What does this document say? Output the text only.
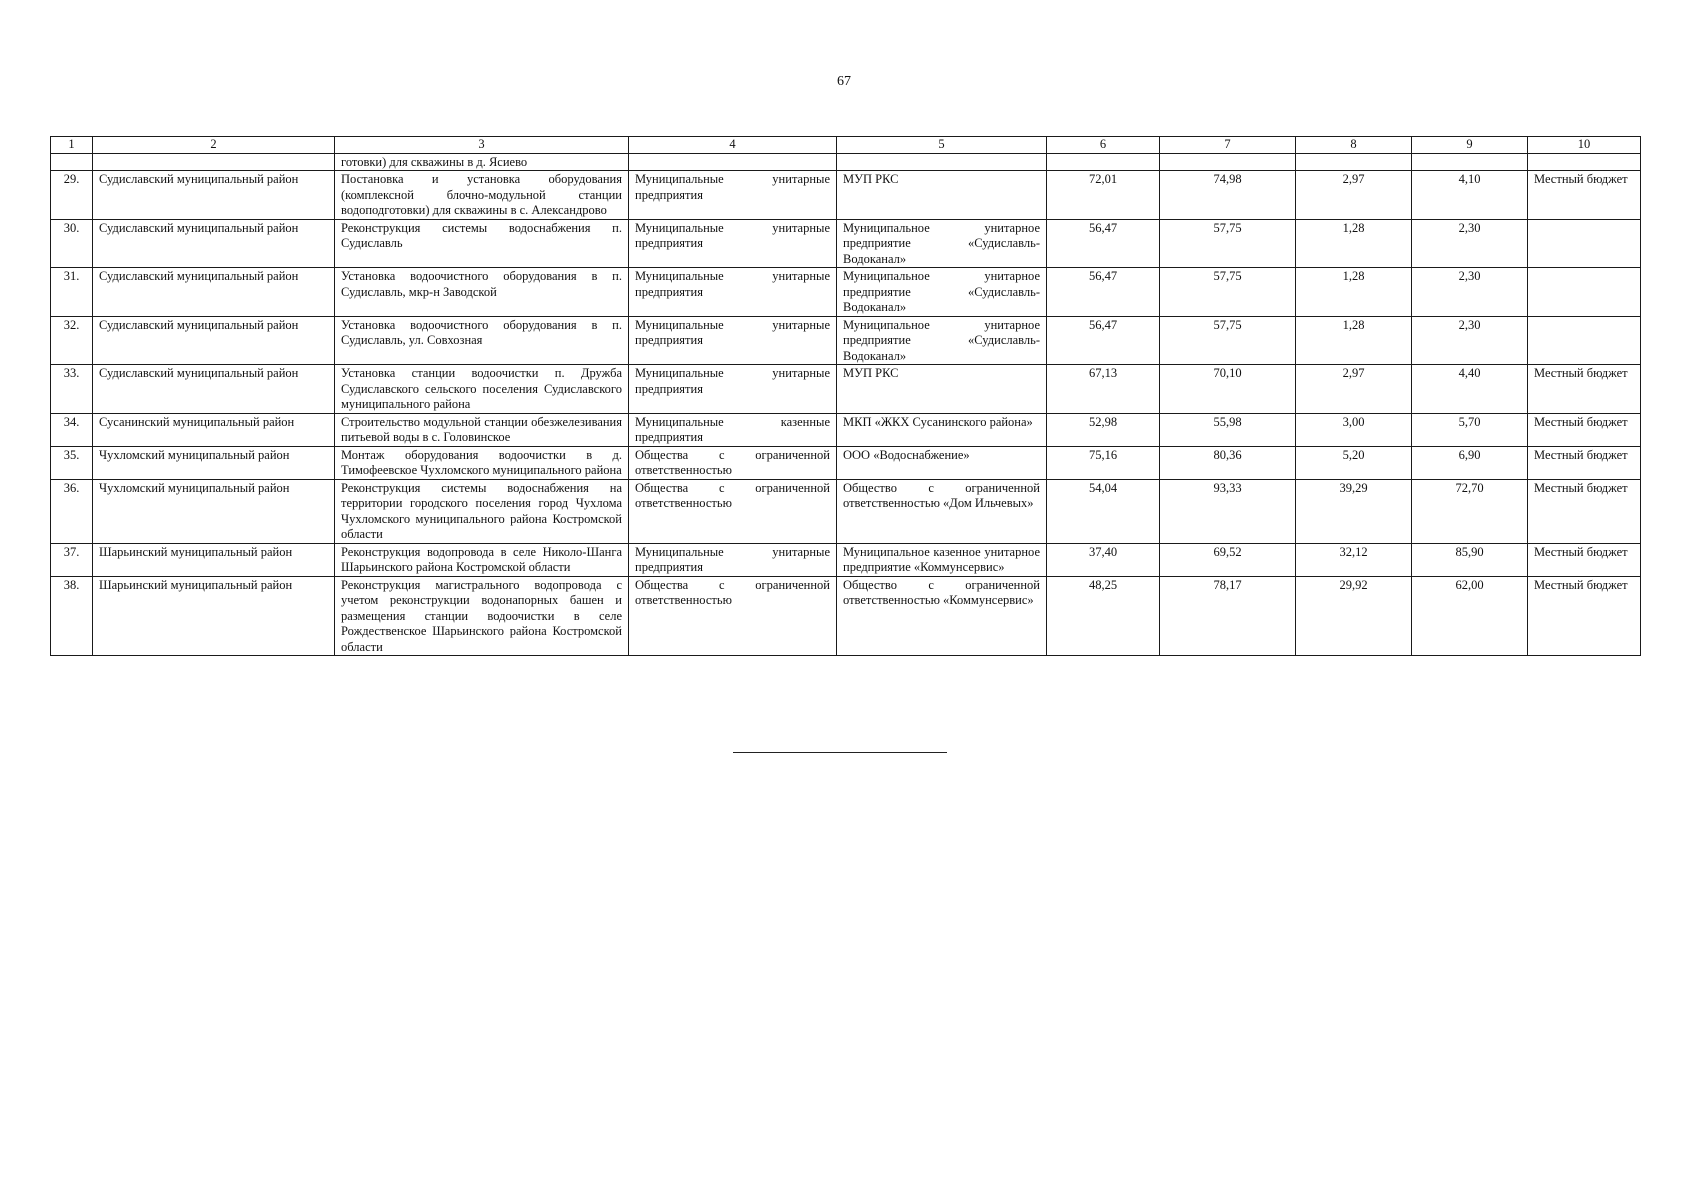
67
1	2	3	4	5	6	7	8	9	10
		готовки) для скважины в д. Ясиево							
29.	Судиславский муниципальный район	Постановка и установка оборудования (комплексной блочно-модульной станции водоподготовки) для скважины в с. Александрово	Муниципальные унитарные предприятия	МУП РКС	72,01	74,98	2,97	4,10	Местный бюджет
30.	Судиславский муниципальный район	Реконструкция системы водоснабжения п. Судиславль	Муниципальные унитарные предприятия	Муниципальное унитарное предприятие «Судиславль-Водоканал»	56,47	57,75	1,28	2,30	
31.	Судиславский муниципальный район	Установка водоочистного оборудования в п. Судиславль, мкр-н Заводской	Муниципальные унитарные предприятия	Муниципальное унитарное предприятие «Судиславль-Водоканал»	56,47	57,75	1,28	2,30	
32.	Судиславский муниципальный район	Установка водоочистного оборудования в п. Судиславль, ул. Совхозная	Муниципальные унитарные предприятия	Муниципальное унитарное предприятие «Судиславль-Водоканал»	56,47	57,75	1,28	2,30	
33.	Судиславский муниципальный район	Установка станции водоочистки п. Дружба Судиславского сельского поселения Судиславского муниципального района	Муниципальные унитарные предприятия	МУП РКС	67,13	70,10	2,97	4,40	Местный бюджет
34.	Сусанинский муниципальный район	Строительство модульной станции обезжелезивания питьевой воды в с. Головинское	Муниципальные казенные предприятия	МКП «ЖКХ Сусанинского района»	52,98	55,98	3,00	5,70	Местный бюджет
35.	Чухломский муниципальный район	Монтаж оборудования водоочистки в д. Тимофеевское Чухломского муниципального района	Общества с ограниченной ответственностью	ООО «Водоснабжение»	75,16	80,36	5,20	6,90	Местный бюджет
36.	Чухломский муниципальный район	Реконструкция системы водоснабжения на территории городского поселения город Чухлома Чухломского муниципального района Костромской области	Общества с ограниченной ответственностью	Общество с ограниченной ответственностью «Дом Ильчевых»	54,04	93,33	39,29	72,70	Местный бюджет
37.	Шарьинский муниципальный район	Реконструкция водопровода в селе Николо-Шанга Шарьинского района Костромской области	Муниципальные унитарные предприятия	Муниципальное казенное унитарное предприятие «Коммунсервис»	37,40	69,52	32,12	85,90	Местный бюджет
38.	Шарьинский муниципальный район	Реконструкция магистрального водопровода с учетом реконструкции водонапорных башен и размещения станции водоочистки в селе Рождественское Шарьинского района Костромской области	Общества с ограниченной ответственностью	Общество с ограниченной ответственностью «Коммунсервис»	48,25	78,17	29,92	62,00	Местный бюджет
